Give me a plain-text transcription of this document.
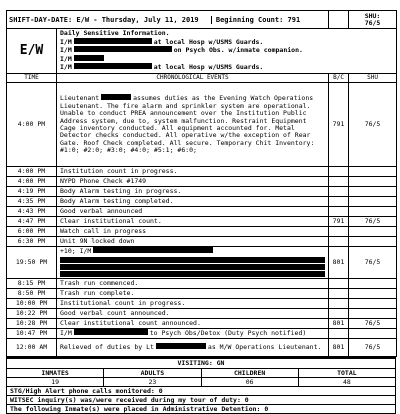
SHIFT-DAY-DATE: E/W - Thursday, July 11, 2019 Beginning Count: 791			SHU:
76/5

E/W	Daily Sensitive Information.
I/M at local Hosp w/USMS Guards.
I/M on Psych Obs. w/inmate companion.
I/M
I/M at local Hosp w/USMS Guards.		

TIME	CHRONOLOGICAL EVENTS	B/C	SHU
4:00 PM	Lieutenant assumes duties as the Evening Watch Operations Lieutenant. The fire alarm and sprinkler system are operational. Unable to conduct PREA announcement over the Institution Public Address system, due to, system malfunction. Restraint Equipment Cage inventory conducted. All equipment accounted for. Metal Detector checks conducted. All operative w/the exception of Rear Gate. Roof Check completed. All secure. Temporary Chit Inventory: #1:0; #2:0; #3:0; #4:0; #5:1; #6:0;	791	76/5
4:00 PM	Institution count in progress.		
4:00 PM	NYPD Phone Check #1749		
4:19 PM	Body Alarm testing in progress.		
4:35 PM	Body Alarm testing completed.		
4:43 PM	Good verbal announced		
4:47 PM	Clear institutional count.	791	76/5
6:00 PM	Watch call in progress		
6:30 PM	Unit 9N locked down		
19:50 PM	+10; I/M	801	76/5
8:15 PM	Trash run commenced.		
8:50 PM	Trash run complete.		
10:00 PM	Institutional count in progress.		
10:22 PM	Good verbal count announced.		
10:28 PM	Clear institutional count announced.	801	76/5
10:47 PM	I/M to Psych Obs/Detox (Duty Psych notified)		
12:00 AM	Relieved of duties by Lt as M/W Operations Lieutenant.	801	76/5
VISITING: GN			
INMATES	ADULTS	CHILDREN	TOTAL
19	23	06	48
STG/High Alert phone calls monitored: 0			
WITSEC inquiry(s) was/were received during my tour of duty: 0			
The following Inmate(s) were placed in Administrative Detention: 0			
